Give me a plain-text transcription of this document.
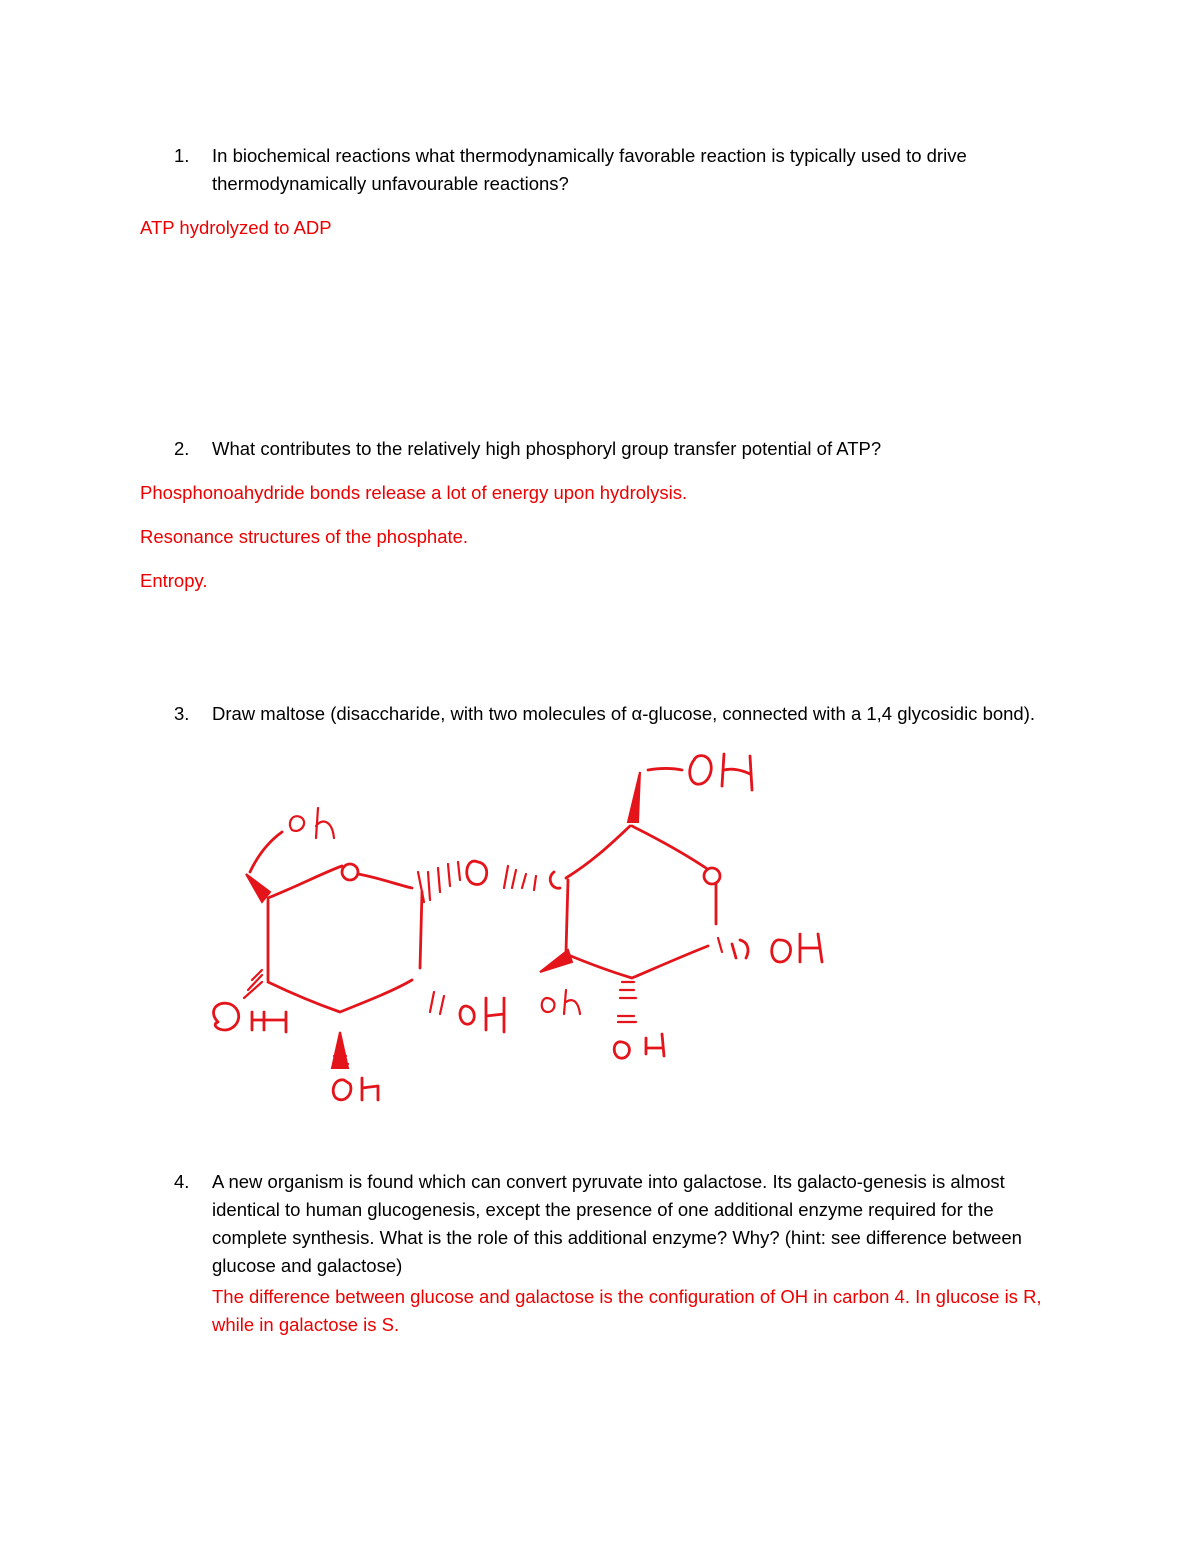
1.	In biochemical reactions what thermodynamically favorable reaction is typically used to drive thermodynamically unfavourable reactions?
ATP hydrolyzed to ADP
2.	What contributes to the relatively high phosphoryl group transfer potential of ATP?
Phosphonoahydride bonds release a lot of energy upon hydrolysis.
Resonance structures of the phosphate.
Entropy.
3.	Draw maltose (disaccharide, with two molecules of α-glucose, connected with a 1,4 glycosidic bond).
4.	A new organism is found which can convert pyruvate into galactose. Its galacto-genesis is almost identical to human glucogenesis, except the presence of one additional enzyme required for the complete synthesis. What is the role of this additional enzyme? Why? (hint: see difference between glucose and galactose)
The difference between glucose and galactose is the configuration of OH in carbon 4. In glucose is R, while in galactose is S.
